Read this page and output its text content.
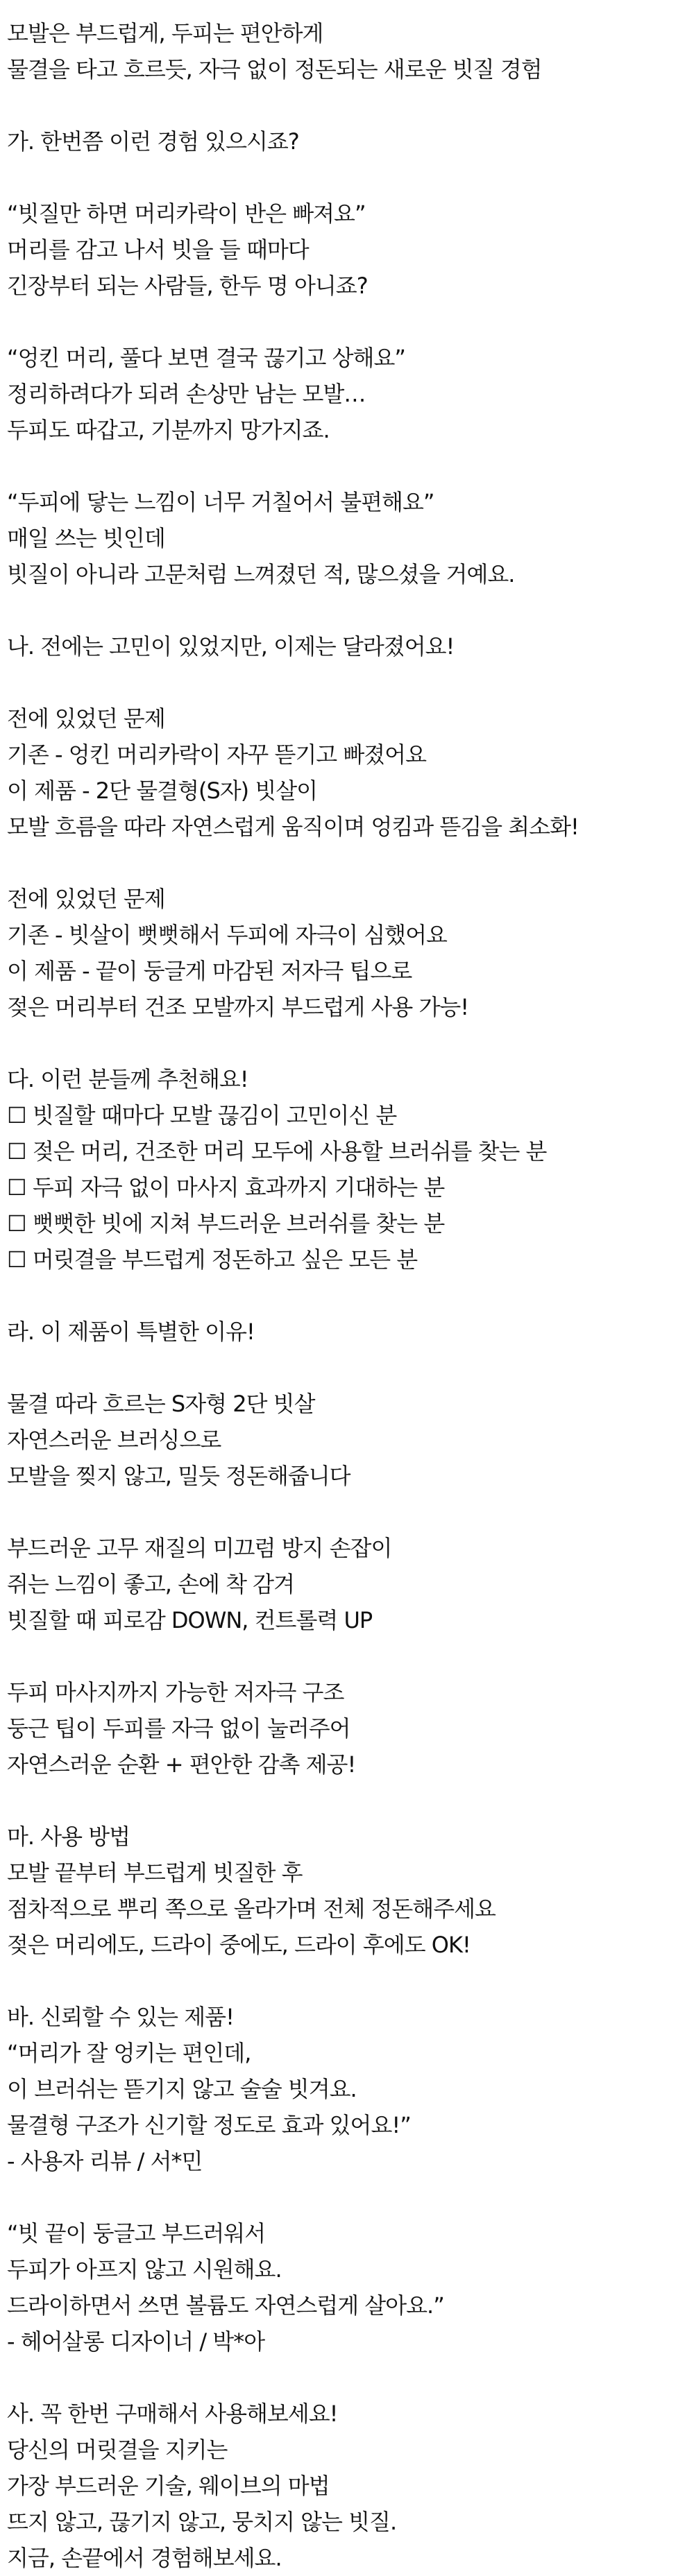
모발은 부드럽게, 두피는 편안하게

물결을 타고 흐르듯, 자극 없이 정돈되는 새로운 빗질 경험

가. 한번쯤 이런 경험 있으시죠?

“빗질만 하면 머리카락이 반은 빠져요”

머리를 감고 나서 빗을 들 때마다

긴장부터 되는 사람들, 한두 명 아니죠?

“엉킨 머리, 풀다 보면 결국 끊기고 상해요”

정리하려다가 되려 손상만 남는 모발…

두피도 따갑고, 기분까지 망가지죠.

“두피에 닿는 느낌이 너무 거칠어서 불편해요”

매일 쓰는 빗인데

빗질이 아니라 고문처럼 느껴졌던 적, 많으셨을 거예요.

나. 전에는 고민이 있었지만, 이제는 달라졌어요!

전에 있었던 문제

기존 - 엉킨 머리카락이 자꾸 뜯기고 빠졌어요

이 제품 - 2단 물결형(S자) 빗살이

모발 흐름을 따라 자연스럽게 움직이며 엉킴과 뜯김을 최소화!

전에 있었던 문제

기존 - 빗살이 뻣뻣해서 두피에 자극이 심했어요

이 제품 - 끝이 둥글게 마감된 저자극 팁으로

젖은 머리부터 건조 모발까지 부드럽게 사용 가능!

다. 이런 분들께 추천해요!

☐ 빗질할 때마다 모발 끊김이 고민이신 분

☐ 젖은 머리, 건조한 머리 모두에 사용할 브러쉬를 찾는 분

☐ 두피 자극 없이 마사지 효과까지 기대하는 분

☐ 뻣뻣한 빗에 지쳐 부드러운 브러쉬를 찾는 분

☐ 머릿결을 부드럽게 정돈하고 싶은 모든 분

라. 이 제품이 특별한 이유!

물결 따라 흐르는 S자형 2단 빗살

자연스러운 브러싱으로

모발을 찢지 않고, 밀듯 정돈해줍니다

부드러운 고무 재질의 미끄럼 방지 손잡이

쥐는 느낌이 좋고, 손에 착 감겨

빗질할 때 피로감 DOWN, 컨트롤력 UP

두피 마사지까지 가능한 저자극 구조

둥근 팁이 두피를 자극 없이 눌러주어

자연스러운 순환 + 편안한 감촉 제공!

마. 사용 방법

모발 끝부터 부드럽게 빗질한 후

점차적으로 뿌리 쪽으로 올라가며 전체 정돈해주세요

젖은 머리에도, 드라이 중에도, 드라이 후에도 OK!

바. 신뢰할 수 있는 제품!

“머리가 잘 엉키는 편인데,

이 브러쉬는 뜯기지 않고 술술 빗겨요.

물결형 구조가 신기할 정도로 효과 있어요!”

- 사용자 리뷰 / 서*민

“빗 끝이 둥글고 부드러워서

두피가 아프지 않고 시원해요.

드라이하면서 쓰면 볼륨도 자연스럽게 살아요.”

- 헤어살롱 디자이너 / 박*아

사. 꼭 한번 구매해서 사용해보세요!

당신의 머릿결을 지키는

가장 부드러운 기술, 웨이브의 마법

뜨지 않고, 끊기지 않고, 뭉치지 않는 빗질.

지금, 손끝에서 경험해보세요.
